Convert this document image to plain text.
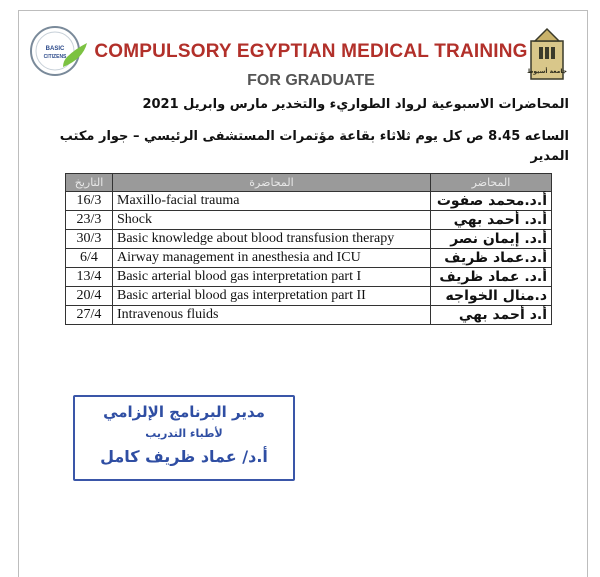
BASIC
CITIZENS
جامعة أسيوط
COMPULSORY EGYPTIAN MEDICAL TRAINING
FOR GRADUATE
المحاضرات الاسبوعية لرواد الطواريء والتخدير مارس وابريل 2021
الساعه 8.45 ص كل يوم ثلاثاء بقاعة مؤتمرات المستشفى الرئيسي – جوار مكتب
المدير
التاريخ	المحاضرة	المحاضر
16/3	Maxillo-facial trauma	أ.د.محمد صفوت
23/3	Shock	أ.د. أحمد بهي
30/3	Basic knowledge about blood transfusion therapy	أ.د. إيمان نصر
6/4	Airway management in anesthesia and ICU	أ.د.عماد ظريف
13/4	Basic arterial blood gas interpretation part I	أ.د. عماد ظريف
20/4	Basic arterial blood gas interpretation part II	د.منال الخواجه
27/4	Intravenous fluids	أ.د أحمد بهي
مدير البرنامج الإلزامي
لأطباء التدريب
أ.د/ عماد ظريف كامل
